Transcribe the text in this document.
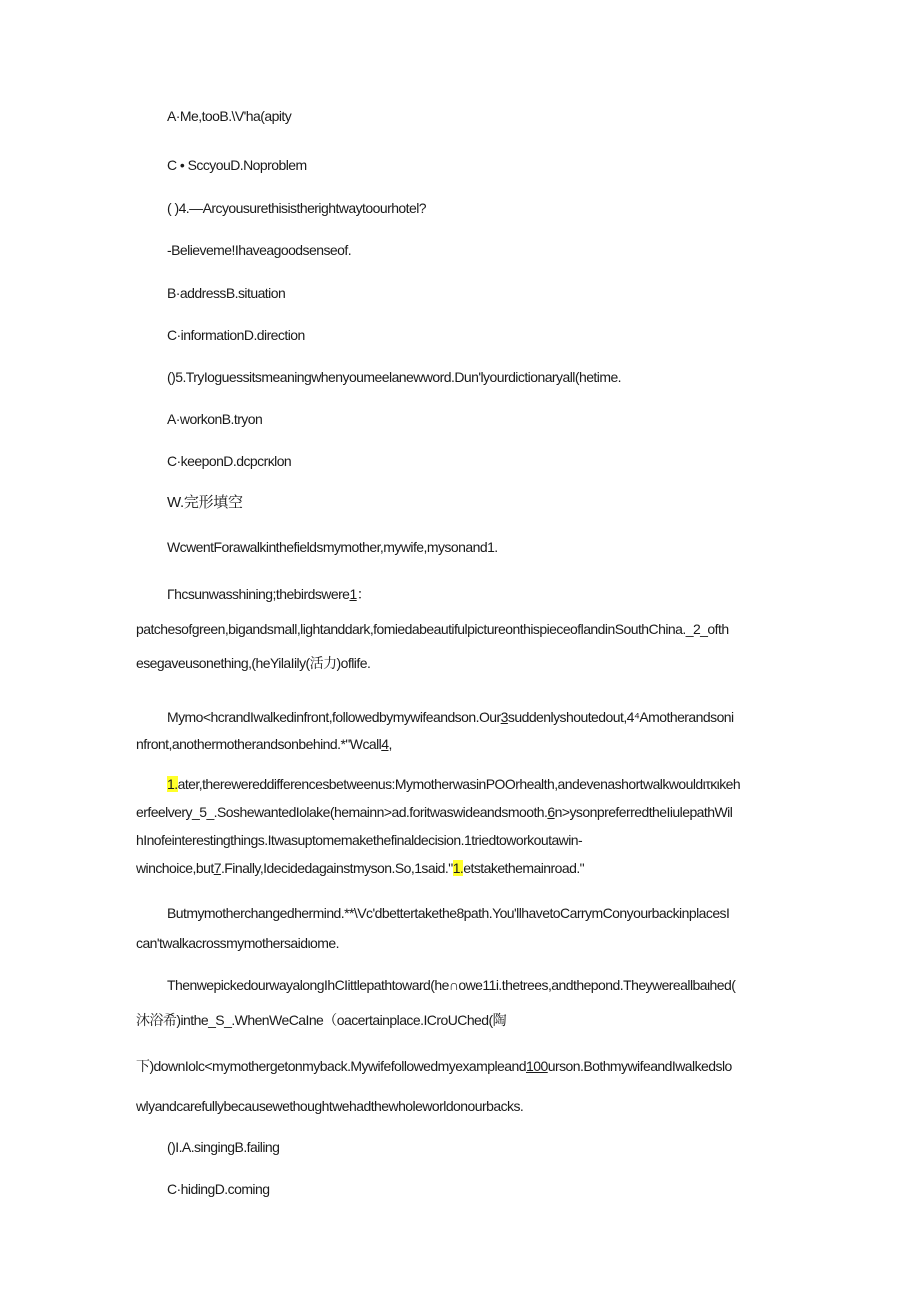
A·Me,tooB.\V'ha(apity
C • SccyouD.Noproblem
( )4.—Arcyousurethisistherightwaytoourhotel?
-Believeme!Ihaveagoodsenseof.
B·addressB.situation
C·informationD.direction
()5.TryIoguessitsmeaningwhenyoumeelanewword.Dun'lyourdictionaryall(hetime.
A·workonB.tryon
C·keeponD.dcpcrκlon
W.完形填空
WcwentForawalkinthefieldsmymother,mywife,mysonand1.
Γhcsunwasshining;thebirdswere1：
patchesofgreen,bigandsmall,lightanddark,fomiedabeautifulpictureonthispieceoflandinSouthChina._2_ofth
esegaveusonething,(heYilaIily(活力)oflife.
Mymo<hcrandIwalkedinfront,followedbymywifeandson.Our3suddenlyshoutedout,4⁴Amotherandsoni
nfront,anothermotherandsonbehind.*"Wcall4,
1.ater,therewereddifferencesbetweenus:MymotherwasinPOOrhealth,andevenashortwalkwouldιτκιkeh
erfeelvery_5_.SoshewantedIolake(hemainn>ad.foritwaswideandsmooth.6n>ysonpreferredtheIiulepathWil
hInofeinterestingthings.Itwasuptomemakethefinaldecision.1triedtoworkoutawin-
winchoice,but7.Finally,Idecidedagainstmyson.So,1said."1.etstakethemainroad."
Butmymotherchangedhermind.**\Vc'dbettertakethe8path.You'llhavetoCarrymConyourbackinplacesI
can'twalkacrossmymothersaidιome.
ThenwepickedourwayalongIhCIittlepathtoward(he∩owe11i.thetrees,andthepond.Theywereallbaιhed(
沐浴希)inthe_S_.WhenWeCaIne（oacertainplace.ICroUChed(陶
下)downIolc<mymothergetonmyback.Mywifefollowedmyexampleand100urson.BothmywifeandIwalkedslo
wlyandcarefullybecausewethoughtwehadthewholeworldonourbacks.
()I.A.singingB.failing
C·hidingD.coming
